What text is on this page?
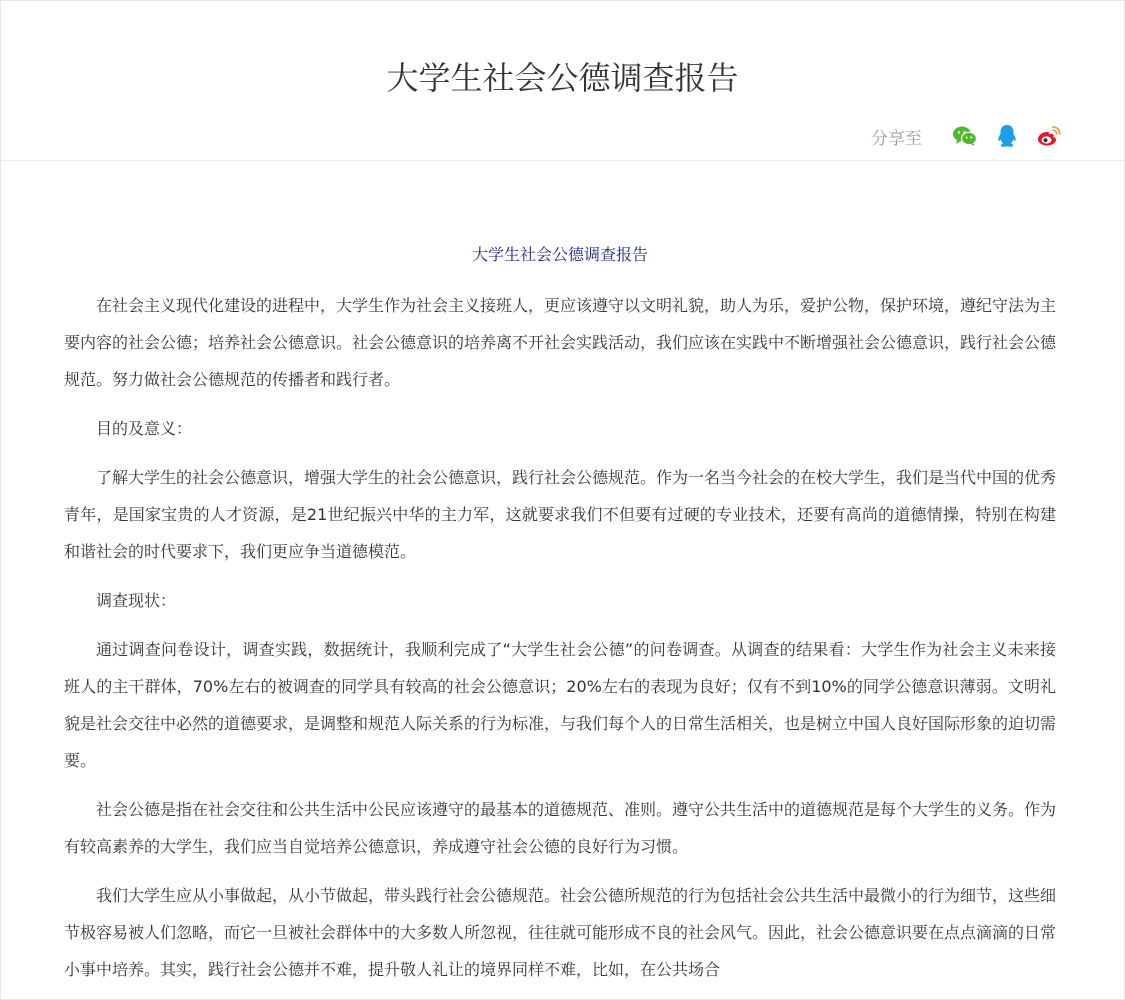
大学生社会公德调查报告
分享至
大学生社会公德调查报告

在社会主义现代化建设的进程中，大学生作为社会主义接班人，更应该遵守以文明礼貌，助人为乐，爱护公物，保护环境，遵纪守法为主要内容的社会公德；培养社会公德意识。社会公德意识的培养离不开社会实践活动，我们应该在实践中不断增强社会公德意识，践行社会公德规范。努力做社会公德规范的传播者和践行者。

目的及意义：

了解大学生的社会公德意识，增强大学生的社会公德意识，践行社会公德规范。作为一名当今社会的在校大学生，我们是当代中国的优秀青年，是国家宝贵的人才资源，是21世纪振兴中华的主力军，这就要求我们不但要有过硬的专业技术，还要有高尚的道德情操，特别在构建和谐社会的时代要求下，我们更应争当道德模范。

调查现状：

通过调查问卷设计，调查实践，数据统计，我顺利完成了“大学生社会公德”的问卷调查。从调查的结果看：大学生作为社会主义未来接班人的主干群体，70%左右的被调查的同学具有较高的社会公德意识；20%左右的表现为良好；仅有不到10%的同学公德意识薄弱。文明礼貌是社会交往中必然的道德要求，是调整和规范人际关系的行为标准，与我们每个人的日常生活相关，也是树立中国人良好国际形象的迫切需要。

社会公德是指在社会交往和公共生活中公民应该遵守的最基本的道德规范、准则。遵守公共生活中的道德规范是每个大学生的义务。作为有较高素养的大学生，我们应当自觉培养公德意识，养成遵守社会公德的良好行为习惯。

我们大学生应从小事做起，从小节做起，带头践行社会公德规范。社会公德所规范的行为包括社会公共生活中最微小的行为细节，这些细节极容易被人们忽略，而它一旦被社会群体中的大多数人所忽视，往往就可能形成不良的社会风气。因此，社会公德意识要在点点滴滴的日常小事中培养。其实，践行社会公德并不难，提升敬人礼让的境界同样不难，比如，在公共场合
